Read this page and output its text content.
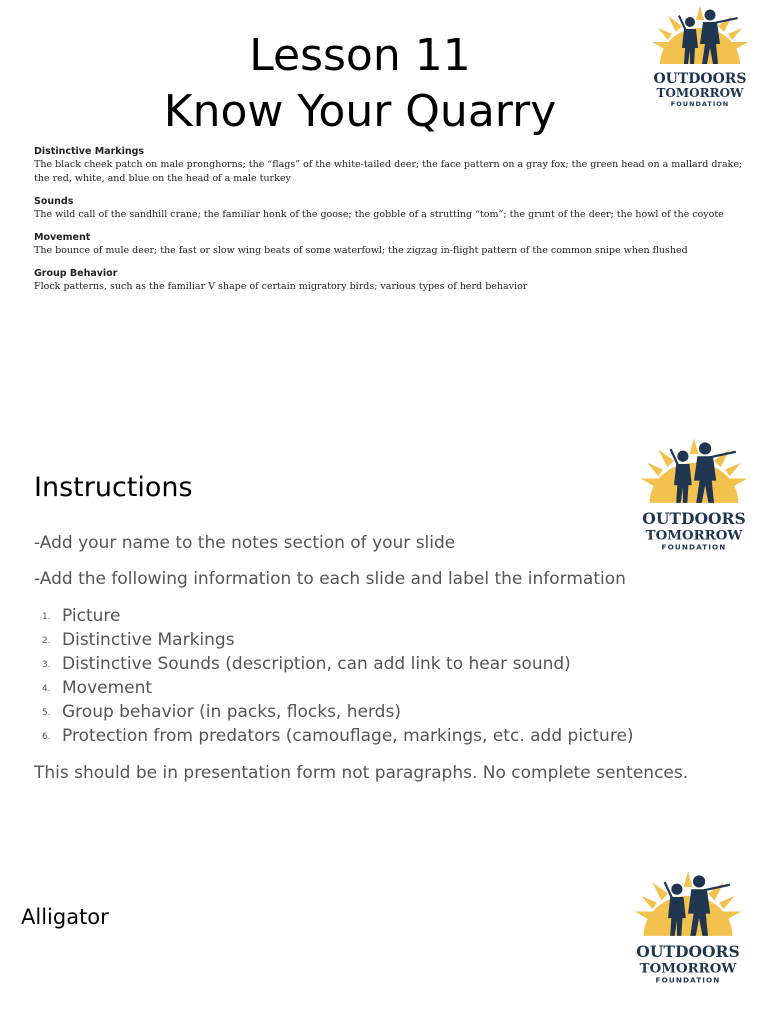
Lesson 11
Know Your Quarry
OUTDOORS
TOMORROW
FOUNDATION
Distinctive Markings
The black cheek patch on male pronghorns; the “flags” of the white-tailed deer; the face pattern on a gray fox; the green head on a mallard drake; the red, white, and blue on the head of a male turkey
Sounds
The wild call of the sandhill crane; the familiar honk of the goose; the gobble of a strutting “tom”; the grunt of the deer; the howl of the coyote
Movement
The bounce of mule deer; the fast or slow wing beats of some waterfowl; the zigzag in-flight pattern of the common snipe when flushed
Group Behavior
Flock patterns, such as the familiar V shape of certain migratory birds; various types of herd behavior
Instructions
OUTDOORS
TOMORROW
FOUNDATION

-Add your name to the notes section of your slide

-Add the following information to each slide and label the information

1. Picture
2. Distinctive Markings
3. Distinctive Sounds (description, can add link to hear sound)
4. Movement
5. Group behavior (in packs, flocks, herds)
6. Protection from predators (camouflage, markings, etc. add picture)

This should be in presentation form not paragraphs. No complete sentences.

Alligator
OUTDOORS
TOMORROW
FOUNDATION
